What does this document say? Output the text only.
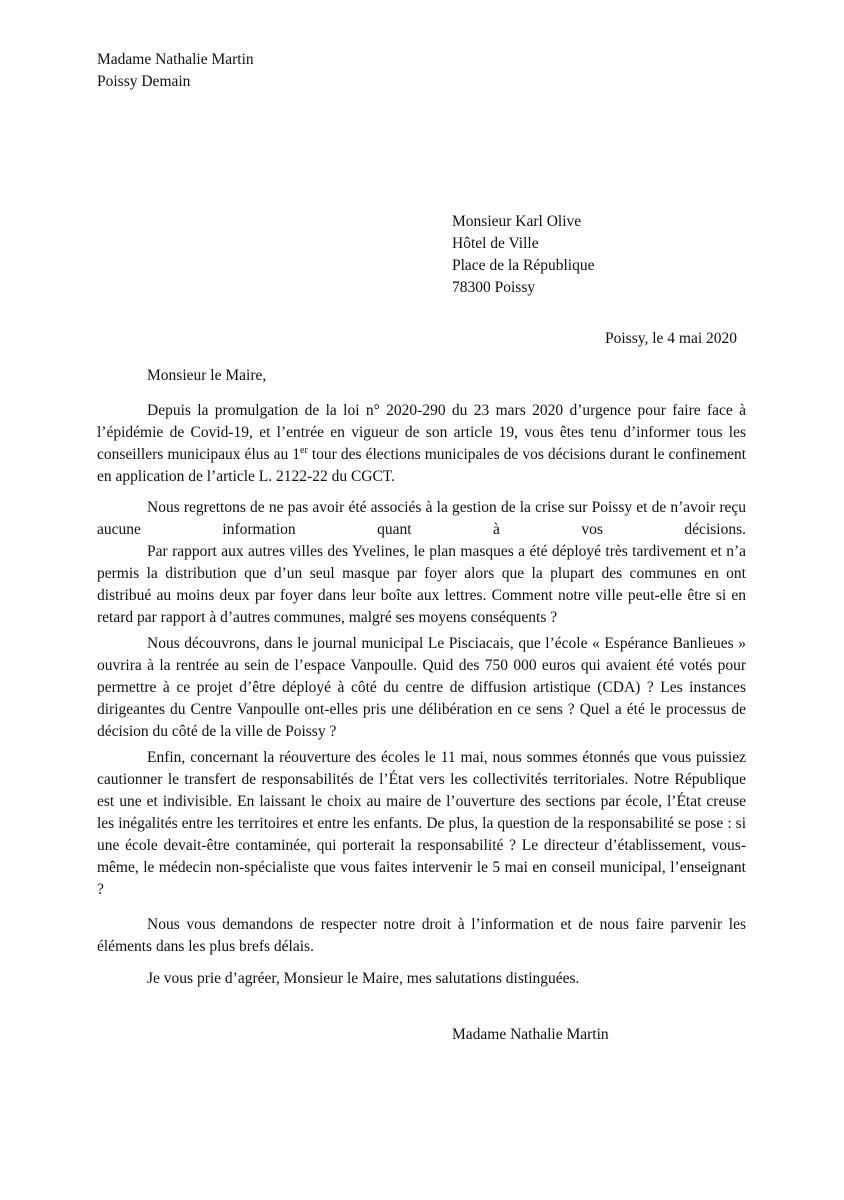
Madame Nathalie Martin
Poissy Demain
Monsieur Karl Olive
Hôtel de Ville
Place de la République
78300 Poissy
Poissy, le 4 mai 2020
Monsieur le Maire,

Depuis la promulgation de la loi n° 2020-290 du 23 mars 2020 d’urgence pour faire face à l’épidémie de Covid-19, et l’entrée en vigueur de son article 19, vous êtes tenu d’informer tous les conseillers municipaux élus au 1er tour des élections municipales de vos décisions durant le confinement en application de l’article L. 2122-22 du CGCT.

Nous regrettons de ne pas avoir été associés à la gestion de la crise sur Poissy et de n’avoir reçu aucune information quant à vos décisions.

Par rapport aux autres villes des Yvelines, le plan masques a été déployé très tardivement et n’a permis la distribution que d’un seul masque par foyer alors que la plupart des communes en ont distribué au moins deux par foyer dans leur boîte aux lettres. Comment notre ville peut-elle être si en retard par rapport à d’autres communes, malgré ses moyens conséquents ?

Nous découvrons, dans le journal municipal Le Pisciacais, que l’école « Espérance Banlieues » ouvrira à la rentrée au sein de l’espace Vanpoulle. Quid des 750 000 euros qui avaient été votés pour permettre à ce projet d’être déployé à côté du centre de diffusion artistique (CDA) ? Les instances dirigeantes du Centre Vanpoulle ont-elles pris une délibération en ce sens ? Quel a été le processus de décision du côté de la ville de Poissy ?

Enfin, concernant la réouverture des écoles le 11 mai, nous sommes étonnés que vous puissiez cautionner le transfert de responsabilités de l’État vers les collectivités territoriales. Notre République est une et indivisible. En laissant le choix au maire de l’ouverture des sections par école, l’État creuse les inégalités entre les territoires et entre les enfants. De plus, la question de la responsabilité se pose : si une école devait-être contaminée, qui porterait la responsabilité ? Le directeur d’établissement, vous-même, le médecin non-spécialiste que vous faites intervenir le 5 mai en conseil municipal, l’enseignant ?

Nous vous demandons de respecter notre droit à l’information et de nous faire parvenir les éléments dans les plus brefs délais.

Je vous prie d’agréer, Monsieur le Maire, mes salutations distinguées.

Madame Nathalie Martin
